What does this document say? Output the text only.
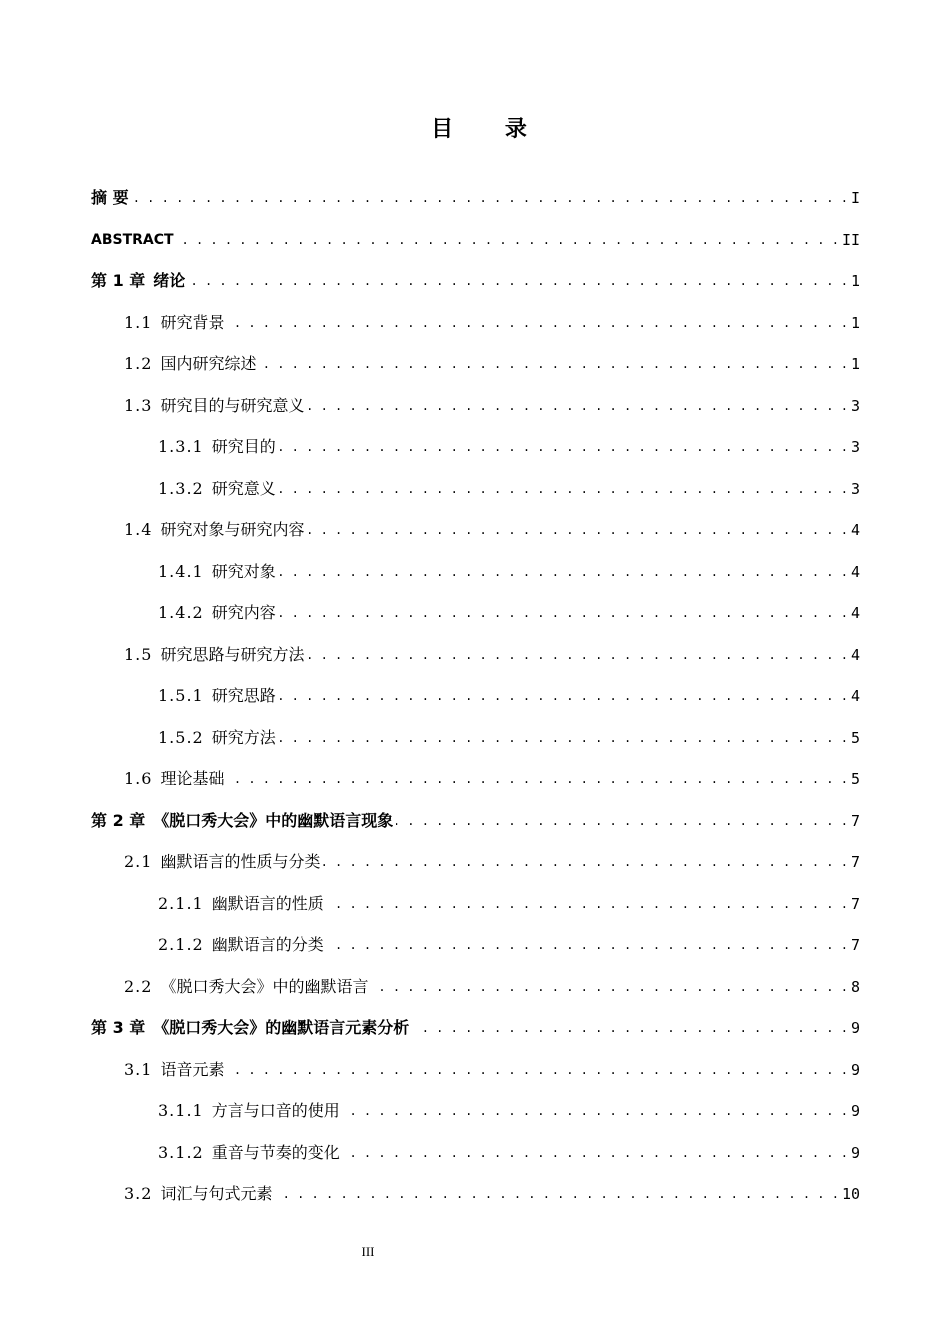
目 录
摘 要 . . .	I
ABSTRACT . . .	II
第 1 章 绪论 . . .	1
1.1 研究背景 . . .	1
1.2 国内研究综述 . . .	1
1.3 研究目的与研究意义 . . .	3
1.3.1 研究目的 . . .	3
1.3.2 研究意义 . . .	3
1.4 研究对象与研究内容 . . .	4
1.4.1 研究对象 . . .	4
1.4.2 研究内容 . . .	4
1.5 研究思路与研究方法 . . .	4
1.5.1 研究思路 . . .	4
1.5.2 研究方法 . . .	5
1.6 理论基础 . . .	5
第 2 章 《脱口秀大会》中的幽默语言现象 . . .	7
2.1 幽默语言的性质与分类 . . .	7
2.1.1 幽默语言的性质 . . .	7
2.1.2 幽默语言的分类 . . .	7
2.2 《脱口秀大会》中的幽默语言 . . .	8
第 3 章 《脱口秀大会》的幽默语言元素分析 . . .	9
3.1 语音元素 . . .	9
3.1.1 方言与口音的使用 . . .	9
3.1.2 重音与节奏的变化 . . .	9
3.2 词汇与句式元素 . . .	10
III
